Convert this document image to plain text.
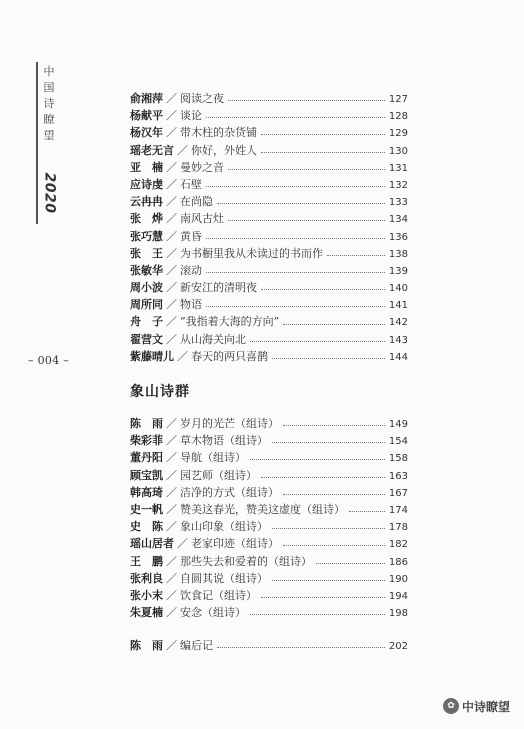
中
国
诗
瞭
望
2020
– 004 –
俞湘萍 ／ 阅读之夜	127
杨献平 ／ 谈论	128
杨汉年 ／ 带木柱的杂货铺	129
瑶老无言 ／ 你好，外姓人	130
亚　楠 ／ 曼妙之音	131
应诗虔 ／ 石壁	132
云冉冉 ／ 在尚隐	133
张　烨 ／ 南风古灶	134
张巧慧 ／ 黄昏	136
张　王 ／ 为书橱里我从未读过的书而作	138
张敏华 ／ 滚动	139
周小波 ／ 新安江的清明夜	140
周所同 ／ 物语	141
舟　子 ／ “我指着大海的方向”	142
翟营文 ／ 从山海关向北	143
紫藤晴儿 ／ 春天的两只喜鹊	144
象山诗群
陈　雨 ／ 岁月的光芒（组诗）	149
柴彩菲 ／ 草木物语（组诗）	154
董丹阳 ／ 导航（组诗）	158
顾宝凯 ／ 园艺师（组诗）	163
韩高琦 ／ 洁净的方式（组诗）	167
史一帆 ／ 赞美这春光，赞美这虚度（组诗）	174
史　陈 ／ 象山印象（组诗）	178
瑶山居者 ／ 老家印迹（组诗）	182
王　鹏 ／ 那些失去和爱着的（组诗）	186
张利良 ／ 自圆其说（组诗）	190
张小末 ／ 饮食记（组诗）	194
朱夏楠 ／ 安念（组诗）	198
陈　雨 ／ 编后记	202
✿ 中诗瞭望
